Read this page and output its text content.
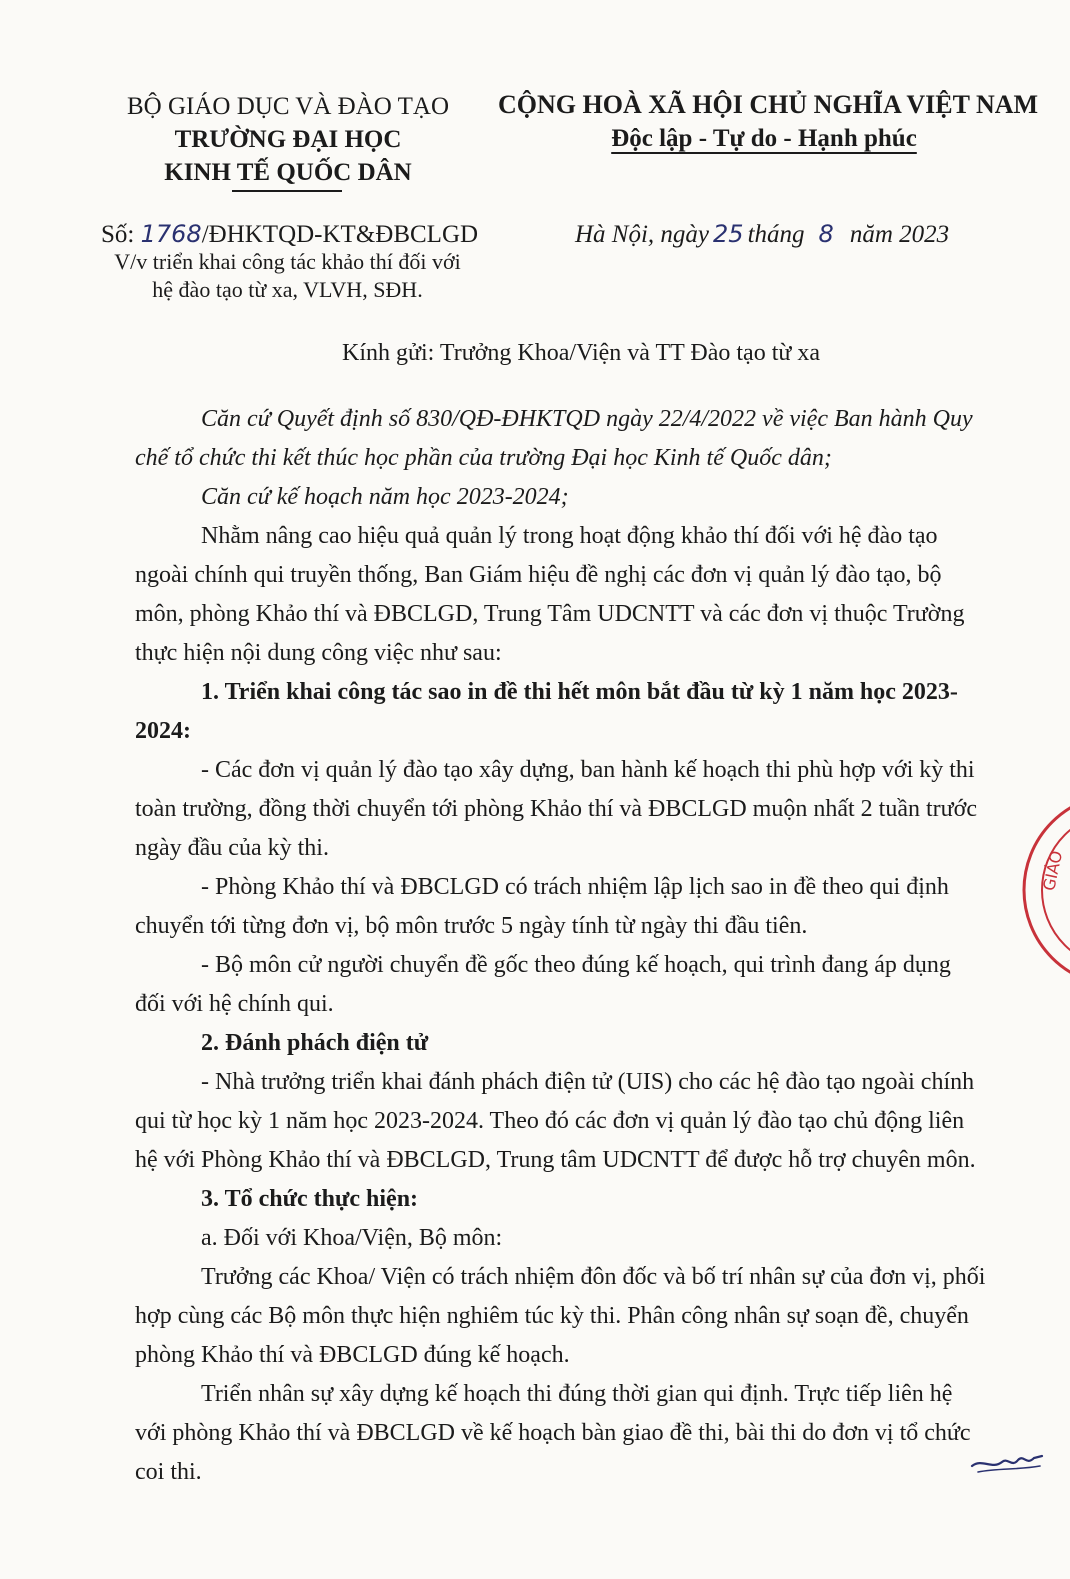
BỘ GIÁO DỤC VÀ ĐÀO TẠO
TRƯỜNG ĐẠI HỌC
KINH TẾ QUỐC DÂN
CỘNG HOÀ XÃ HỘI CHỦ NGHĨA VIỆT NAM
Độc lập - Tự do - Hạnh phúc
Số: 1768/ĐHKTQD-KT&ĐBCLGD
V/v triển khai công tác khảo thí đối với
hệ đào tạo từ xa, VLVH, SĐH.
Hà Nội, ngày 25 tháng 8 năm 2023
Kính gửi: Trưởng Khoa/Viện và TT Đào tạo từ xa
Căn cứ Quyết định số 830/QĐ-ĐHKTQD ngày 22/4/2022 về việc Ban hành Quy
chế tổ chức thi kết thúc học phần của trường Đại học Kinh tế Quốc dân;
Căn cứ kế hoạch năm học 2023-2024;
Nhằm nâng cao hiệu quả quản lý trong hoạt động khảo thí đối với hệ đào tạo
ngoài chính qui truyền thống, Ban Giám hiệu đề nghị các đơn vị quản lý đào tạo, bộ
môn, phòng Khảo thí và ĐBCLGD, Trung Tâm UDCNTT và các đơn vị thuộc Trường
thực hiện nội dung công việc như sau:
1. Triển khai công tác sao in đề thi hết môn bắt đầu từ kỳ 1 năm học 2023-
2024:
- Các đơn vị quản lý đào tạo xây dựng, ban hành kế hoạch thi phù hợp với kỳ thi
toàn trường, đồng thời chuyển tới phòng Khảo thí và ĐBCLGD muộn nhất 2 tuần trước
ngày đầu của kỳ thi.
- Phòng Khảo thí và ĐBCLGD có trách nhiệm lập lịch sao in đề theo qui định
chuyển tới từng đơn vị, bộ môn trước 5 ngày tính từ ngày thi đầu tiên.
- Bộ môn cử người chuyển đề gốc theo đúng kế hoạch, qui trình đang áp dụng
đối với hệ chính qui.
2. Đánh phách điện tử
- Nhà trưởng triển khai đánh phách điện tử (UIS) cho các hệ đào tạo ngoài chính
qui từ học kỳ 1 năm học 2023-2024. Theo đó các đơn vị quản lý đào tạo chủ động liên
hệ với Phòng Khảo thí và ĐBCLGD, Trung tâm UDCNTT để được hỗ trợ chuyên môn.
3. Tổ chức thực hiện:
a. Đối với Khoa/Viện, Bộ môn:
Trưởng các Khoa/ Viện có trách nhiệm đôn đốc và bố trí nhân sự của đơn vị, phối
hợp cùng các Bộ môn thực hiện nghiêm túc kỳ thi. Phân công nhân sự soạn đề, chuyển
phòng Khảo thí và ĐBCLGD đúng kế hoạch.
Triển nhân sự xây dựng kế hoạch thi đúng thời gian qui định. Trực tiếp liên hệ
với phòng Khảo thí và ĐBCLGD về kế hoạch bàn giao đề thi, bài thi do đơn vị tổ chức
coi thi.
GIÁO
